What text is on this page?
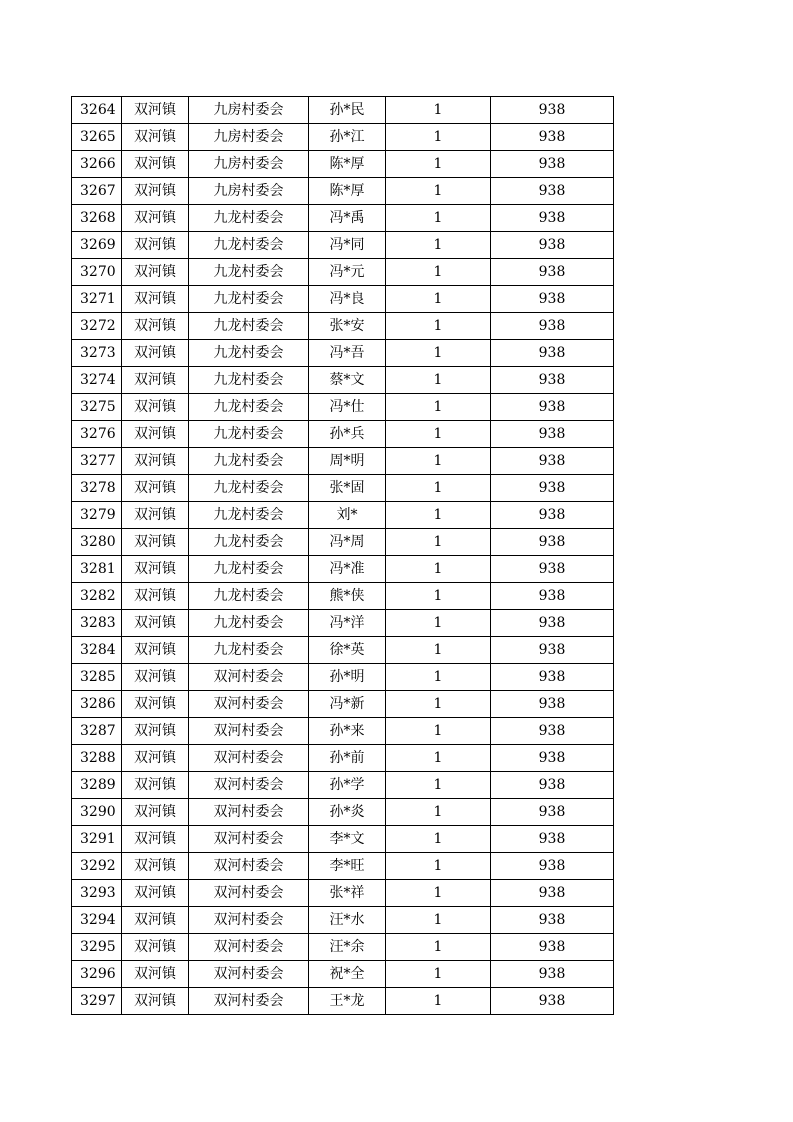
3264	双河镇	九房村委会	孙*民	1	938
3265	双河镇	九房村委会	孙*江	1	938
3266	双河镇	九房村委会	陈*厚	1	938
3267	双河镇	九房村委会	陈*厚	1	938
3268	双河镇	九龙村委会	冯*禹	1	938
3269	双河镇	九龙村委会	冯*同	1	938
3270	双河镇	九龙村委会	冯*元	1	938
3271	双河镇	九龙村委会	冯*良	1	938
3272	双河镇	九龙村委会	张*安	1	938
3273	双河镇	九龙村委会	冯*吾	1	938
3274	双河镇	九龙村委会	蔡*文	1	938
3275	双河镇	九龙村委会	冯*仕	1	938
3276	双河镇	九龙村委会	孙*兵	1	938
3277	双河镇	九龙村委会	周*明	1	938
3278	双河镇	九龙村委会	张*固	1	938
3279	双河镇	九龙村委会	刘*	1	938
3280	双河镇	九龙村委会	冯*周	1	938
3281	双河镇	九龙村委会	冯*准	1	938
3282	双河镇	九龙村委会	熊*侠	1	938
3283	双河镇	九龙村委会	冯*洋	1	938
3284	双河镇	九龙村委会	徐*英	1	938
3285	双河镇	双河村委会	孙*明	1	938
3286	双河镇	双河村委会	冯*新	1	938
3287	双河镇	双河村委会	孙*来	1	938
3288	双河镇	双河村委会	孙*前	1	938
3289	双河镇	双河村委会	孙*学	1	938
3290	双河镇	双河村委会	孙*炎	1	938
3291	双河镇	双河村委会	李*文	1	938
3292	双河镇	双河村委会	李*旺	1	938
3293	双河镇	双河村委会	张*祥	1	938
3294	双河镇	双河村委会	汪*水	1	938
3295	双河镇	双河村委会	汪*余	1	938
3296	双河镇	双河村委会	祝*全	1	938
3297	双河镇	双河村委会	王*龙	1	938
